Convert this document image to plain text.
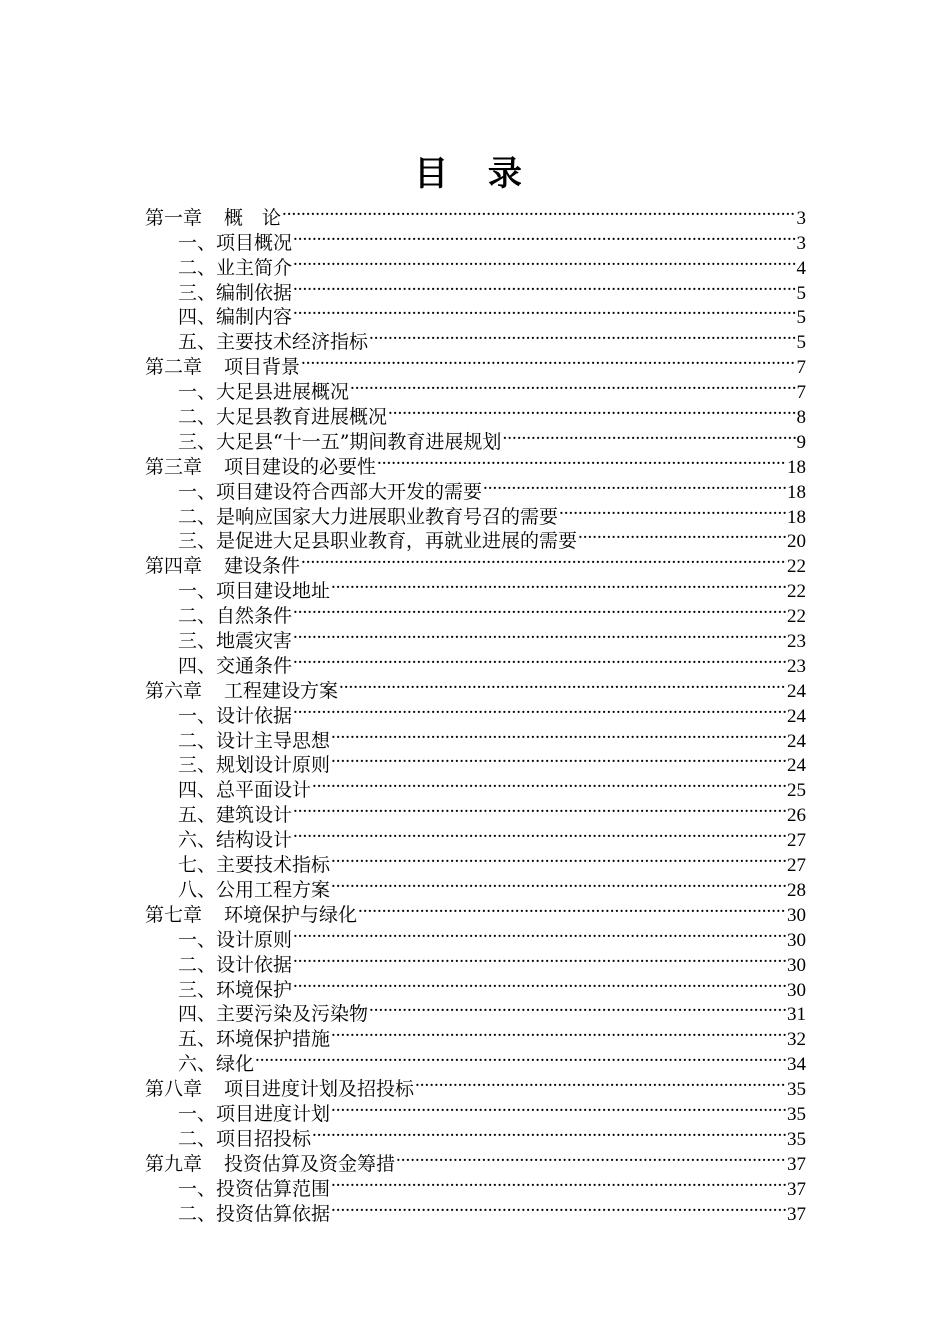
目 录
第一章 概　论 .....	3
一、项目概况 .....	3
二、业主简介 .....	4
三、编制依据 .....	5
四、编制内容 .....	5
五、主要技术经济指标 .....	5
第二章 项目背景 .....	7
一、大足县进展概况 .....	7
二、大足县教育进展概况 .....	8
三、大足县“十一五”期间教育进展规划 .....	9
第三章 项目建设的必要性 .....	18
一、项目建设符合西部大开发的需要 .....	18
二、是响应国家大力进展职业教育号召的需要 .....	18
三、是促进大足县职业教育，再就业进展的需要 .....	20
第四章 建设条件 .....	22
一、项目建设地址 .....	22
二、自然条件 .....	22
三、地震灾害 .....	23
四、交通条件 .....	23
第六章 工程建设方案 .....	24
一、设计依据 .....	24
二、设计主导思想 .....	24
三、规划设计原则 .....	24
四、总平面设计 .....	25
五、建筑设计 .....	26
六、结构设计 .....	27
七、主要技术指标 .....	27
八、公用工程方案 .....	28
第七章 环境保护与绿化 .....	30
一、设计原则 .....	30
二、设计依据 .....	30
三、环境保护 .....	30
四、主要污染及污染物 .....	31
五、环境保护措施 .....	32
六、绿化 .....	34
第八章 项目进度计划及招投标 .....	35
一、项目进度计划 .....	35
二、项目招投标 .....	35
第九章 投资估算及资金筹措 .....	37
一、投资估算范围 .....	37
二、投资估算依据 .....	37
